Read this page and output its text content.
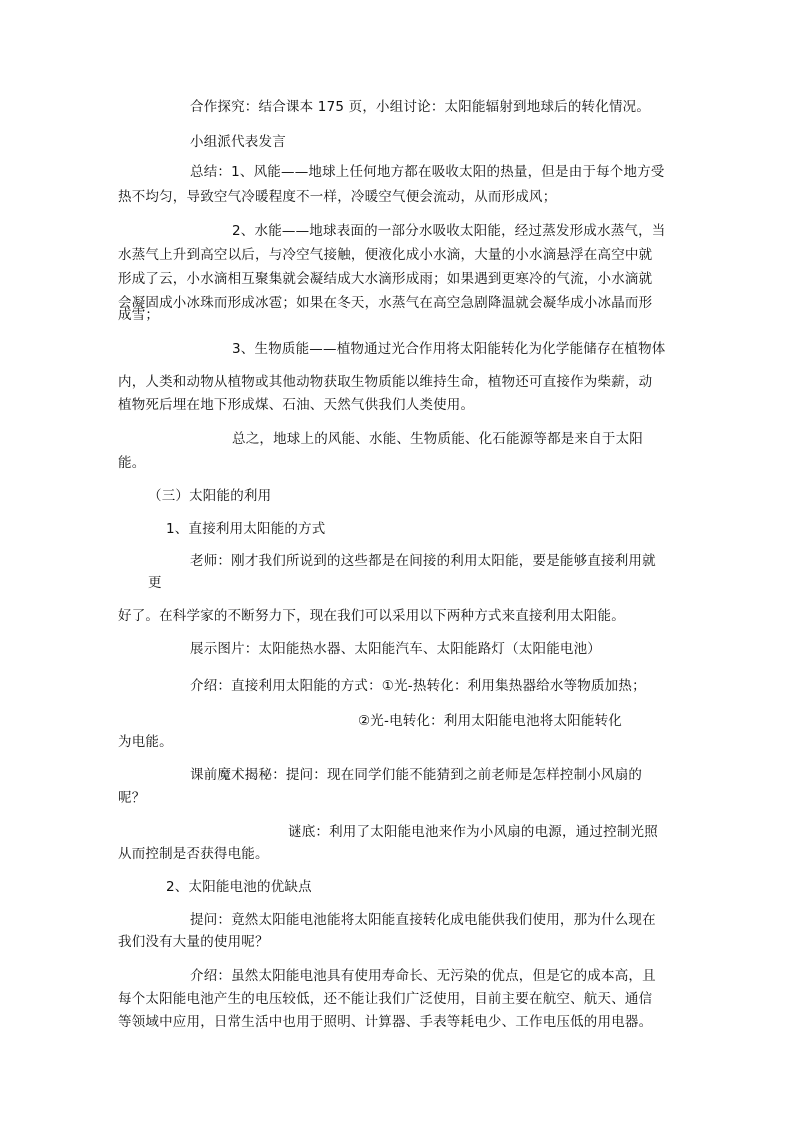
合作探究：结合课本 175 页，小组讨论：太阳能辐射到地球后的转化情况。
小组派代表发言
总结：1、风能——地球上任何地方都在吸收太阳的热量，但是由于每个地方受
热不均匀，导致空气冷暖程度不一样，冷暖空气便会流动，从而形成风；
2、水能——地球表面的一部分水吸收太阳能，经过蒸发形成水蒸气，当
水蒸气上升到高空以后，与冷空气接触，便液化成小水滴，大量的小水滴悬浮在高空中就
形成了云，小水滴相互聚集就会凝结成大水滴形成雨；如果遇到更寒冷的气流，小水滴就
会凝固成小冰珠而形成冰雹；如果在冬天，水蒸气在高空急剧降温就会凝华成小冰晶而形
成雪；
3、生物质能——植物通过光合作用将太阳能转化为化学能储存在植物体
内，人类和动物从植物或其他动物获取生物质能以维持生命，植物还可直接作为柴薪，动
植物死后埋在地下形成煤、石油、天然气供我们人类使用。
总之，地球上的风能、水能、生物质能、化石能源等都是来自于太阳
能。
（三）太阳能的利用
1、直接利用太阳能的方式
老师：刚才我们所说到的这些都是在间接的利用太阳能，要是能够直接利用就
更
好了。在科学家的不断努力下，现在我们可以采用以下两种方式来直接利用太阳能。
展示图片：太阳能热水器、太阳能汽车、太阳能路灯（太阳能电池）
介绍：直接利用太阳能的方式：①光-热转化：利用集热器给水等物质加热；
②光-电转化：利用太阳能电池将太阳能转化
为电能。
课前魔术揭秘：提问：现在同学们能不能猜到之前老师是怎样控制小风扇的
呢？
谜底：利用了太阳能电池来作为小风扇的电源，通过控制光照
从而控制是否获得电能。
2、太阳能电池的优缺点
提问：竟然太阳能电池能将太阳能直接转化成电能供我们使用，那为什么现在
我们没有大量的使用呢？
介绍：虽然太阳能电池具有使用寿命长、无污染的优点，但是它的成本高，且
每个太阳能电池产生的电压较低，还不能让我们广泛使用，目前主要在航空、航天、通信
等领域中应用，日常生活中也用于照明、计算器、手表等耗电少、工作电压低的用电器。
